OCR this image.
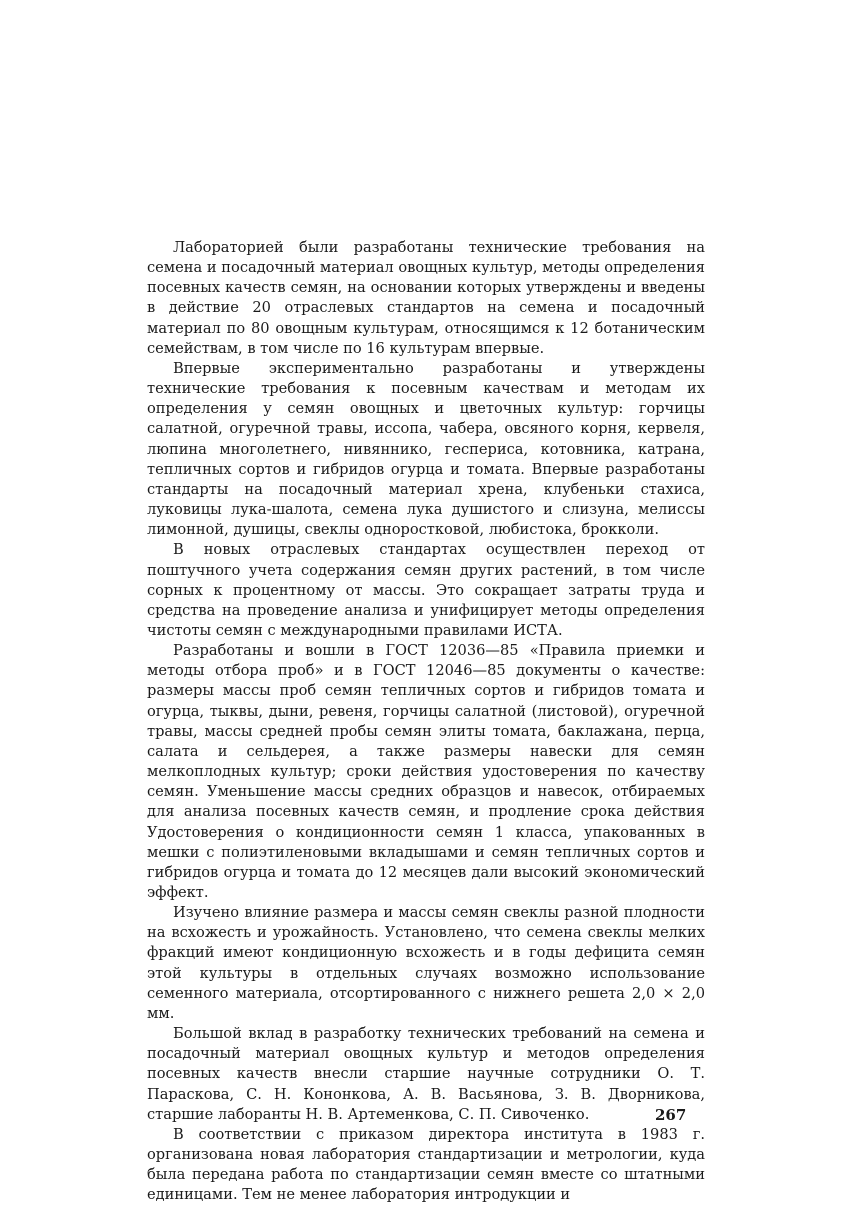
Лабораторией были разработаны технические требования на семена и посадочный материал овощных культур, методы определения посевных качеств семян, на основании которых утверждены и введены в действие 20 отраслевых стандартов на семена и посадочный материал по 80 овощным культурам, относящимся к 12 ботаническим семействам, в том числе по 16 культурам впервые.

Впервые экспериментально разработаны и утверждены технические требования к посевным качествам и методам их определения у семян овощных и цветочных культур: горчицы салатной, огуречной травы, иссопа, чабера, овсяного корня, кервеля, люпина многолетнего, нивяннико, гесперисa, котовника, катрана, тепличных сортов и гибридов огурца и томата. Впервые разработаны стандарты на посадочный материал хрена, клубеньки стахиса, луковицы лука-шалота, семена лука душистого и слизуна, мелиссы лимонной, душицы, свеклы одноростковой, любистока, брокколи.

В новых отраслевых стандартах осуществлен переход от поштучного учета содержания семян других растений, в том числе сорных к процентному от массы. Это сокращает затраты труда и средства на проведение анализа и унифицирует методы определения чистоты семян с международными правилами ИСТА.

Разработаны и вошли в ГОСТ 12036—85 «Правила приемки и методы отбора проб» и в ГОСТ 12046—85 документы о качестве: размеры массы проб семян тепличных сортов и гибридов томата и огурца, тыквы, дыни, ревеня, горчицы салатной (листовой), огуречной травы, массы средней пробы семян элиты томата, баклажана, перца, салата и сельдерея, а также размеры навески для семян мелкоплодных культур; сроки действия удостоверения по качеству семян. Уменьшение массы средних образцов и навесок, отбираемых для анализа посевных качеств семян, и продление срока действия Удостоверения о кондиционности семян 1 класса, упакованных в мешки с полиэтиленовыми вкладышами и семян тепличных сортов и гибридов огурца и томата до 12 месяцев дали высокий экономический эффект.

Изучено влияние размера и массы семян свеклы разной плодности на всхожесть и урожайность. Установлено, что семена свеклы мелких фракций имеют кондиционную всхожесть и в годы дефицита семян этой культуры в отдельных случаях возможно использование семенного материала, отсортированного с нижнего решета 2,0 × 2,0 мм.

Большой вклад в разработку технических требований на семена и посадочный материал овощных культур и методов определения посевных качеств внесли старшие научные сотрудники О. Т. Параскова, С. Н. Кононкова, А. В. Васьянова, З. В. Дворникова, старшие лаборанты Н. В. Артеменкова, С. П. Сивоченко.

В соответствии с приказом директора института в 1983 г. организована новая лаборатория стандартизации и метрологии, куда была передана работа по стандартизации семян вместе со штатными единицами. Тем не менее лаборатория интродукции и

267
